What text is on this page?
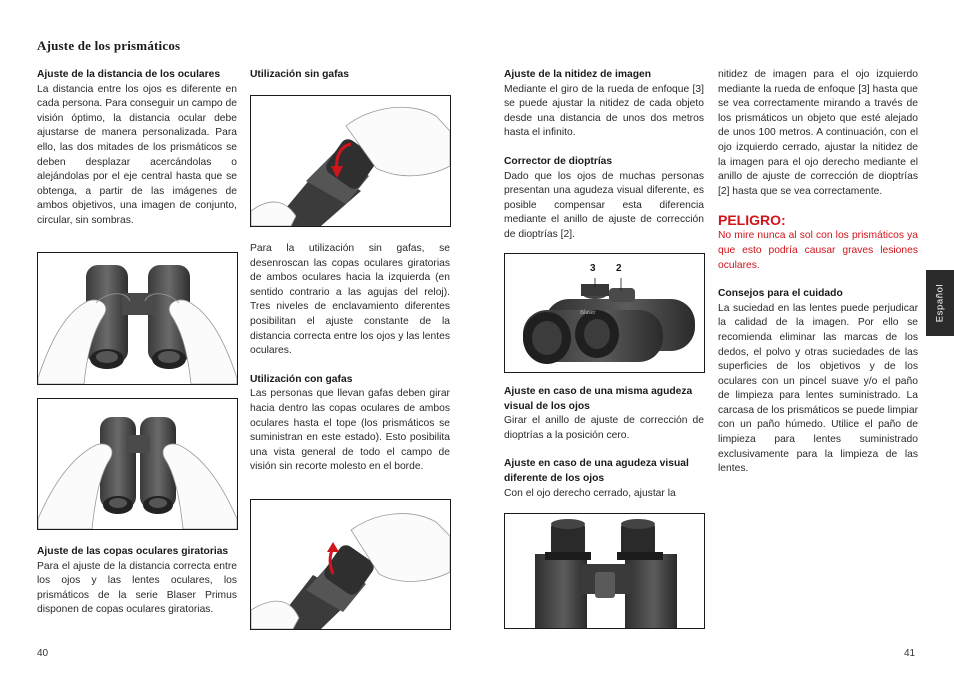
Ajuste de los prismáticos
Ajuste de la distancia de los oculares

La distancia entre los ojos es diferente en cada persona. Para conseguir un campo de visión óptimo, la distancia ocular debe ajustarse de manera personalizada. Para ello, las dos mitades de los prismáticos se deben desplazar acercándolas o alejándolas por el eje central hasta que se obtenga, a partir de las imágenes de ambos objetivos, una imagen de conjunto, circular, sin sombras.

Ajuste de las copas oculares giratorias

Para el ajuste de la distancia correcta entre los ojos y las lentes oculares, los prismáticos de la serie Blaser Primus disponen de copas oculares giratorias.

Utilización sin gafas

Para la utilización sin gafas, se desenroscan las copas oculares giratorias de ambos oculares hacia la izquierda (en sentido contrario a las agujas del reloj). Tres niveles de enclavamiento diferentes posibilitan el ajuste constante de la distancia correcta entre los ojos y las lentes oculares.

Utilización con gafas

Las personas que llevan gafas deben girar hacia dentro las copas oculares de ambos oculares hasta el tope (los prismáticos se suministran en este estado). Esto posibilita una vista general de todo el campo de visión sin recorte molesto en el borde.

Ajuste de la nitidez de imagen

Mediante el giro de la rueda de enfoque [3] se puede ajustar la nitidez de cada objeto desde una distancia de unos dos metros hasta el infinito.

Corrector de dioptrías

Dado que los ojos de muchas personas presentan una agudeza visual diferente, es posible compensar esta diferencia mediante el anillo de ajuste de corrección de dioptrías [2].

Blaser
3 2
Ajuste en caso de una misma agudeza visual de los ojos

Girar el anillo de ajuste de corrección de dioptrías a la posición cero.

Ajuste en caso de una agudeza visual diferente de los ojos

Con el ojo derecho cerrado, ajustar la

nitidez de imagen para el ojo izquierdo mediante la rueda de enfoque [3] hasta que se vea correctamente mirando a través de los prismáticos un objeto que esté alejado de unos 100 metros. A continuación, con el ojo izquierdo cerrado, ajustar la nitidez de la imagen para el ojo derecho mediante el anillo de ajuste de corrección de dioptrías [2] hasta que se vea correctamente.

PELIGRO:

No mire nunca al sol con los prismáticos ya que esto podría causar graves lesiones oculares.

Consejos para el cuidado

La suciedad en las lentes puede perjudicar la calidad de la imagen. Por ello se recomienda eliminar las marcas de los dedos, el polvo y otras suciedades de las superficies de los objetivos y de los oculares con un pincel suave y/o el paño de limpieza para lentes suministrado. La carcasa de los prismáticos se puede limpiar con un paño húmedo. Utilice el paño de limpieza para lentes suministrado exclusivamente para la limpieza de las lentes.

Español
40	41
